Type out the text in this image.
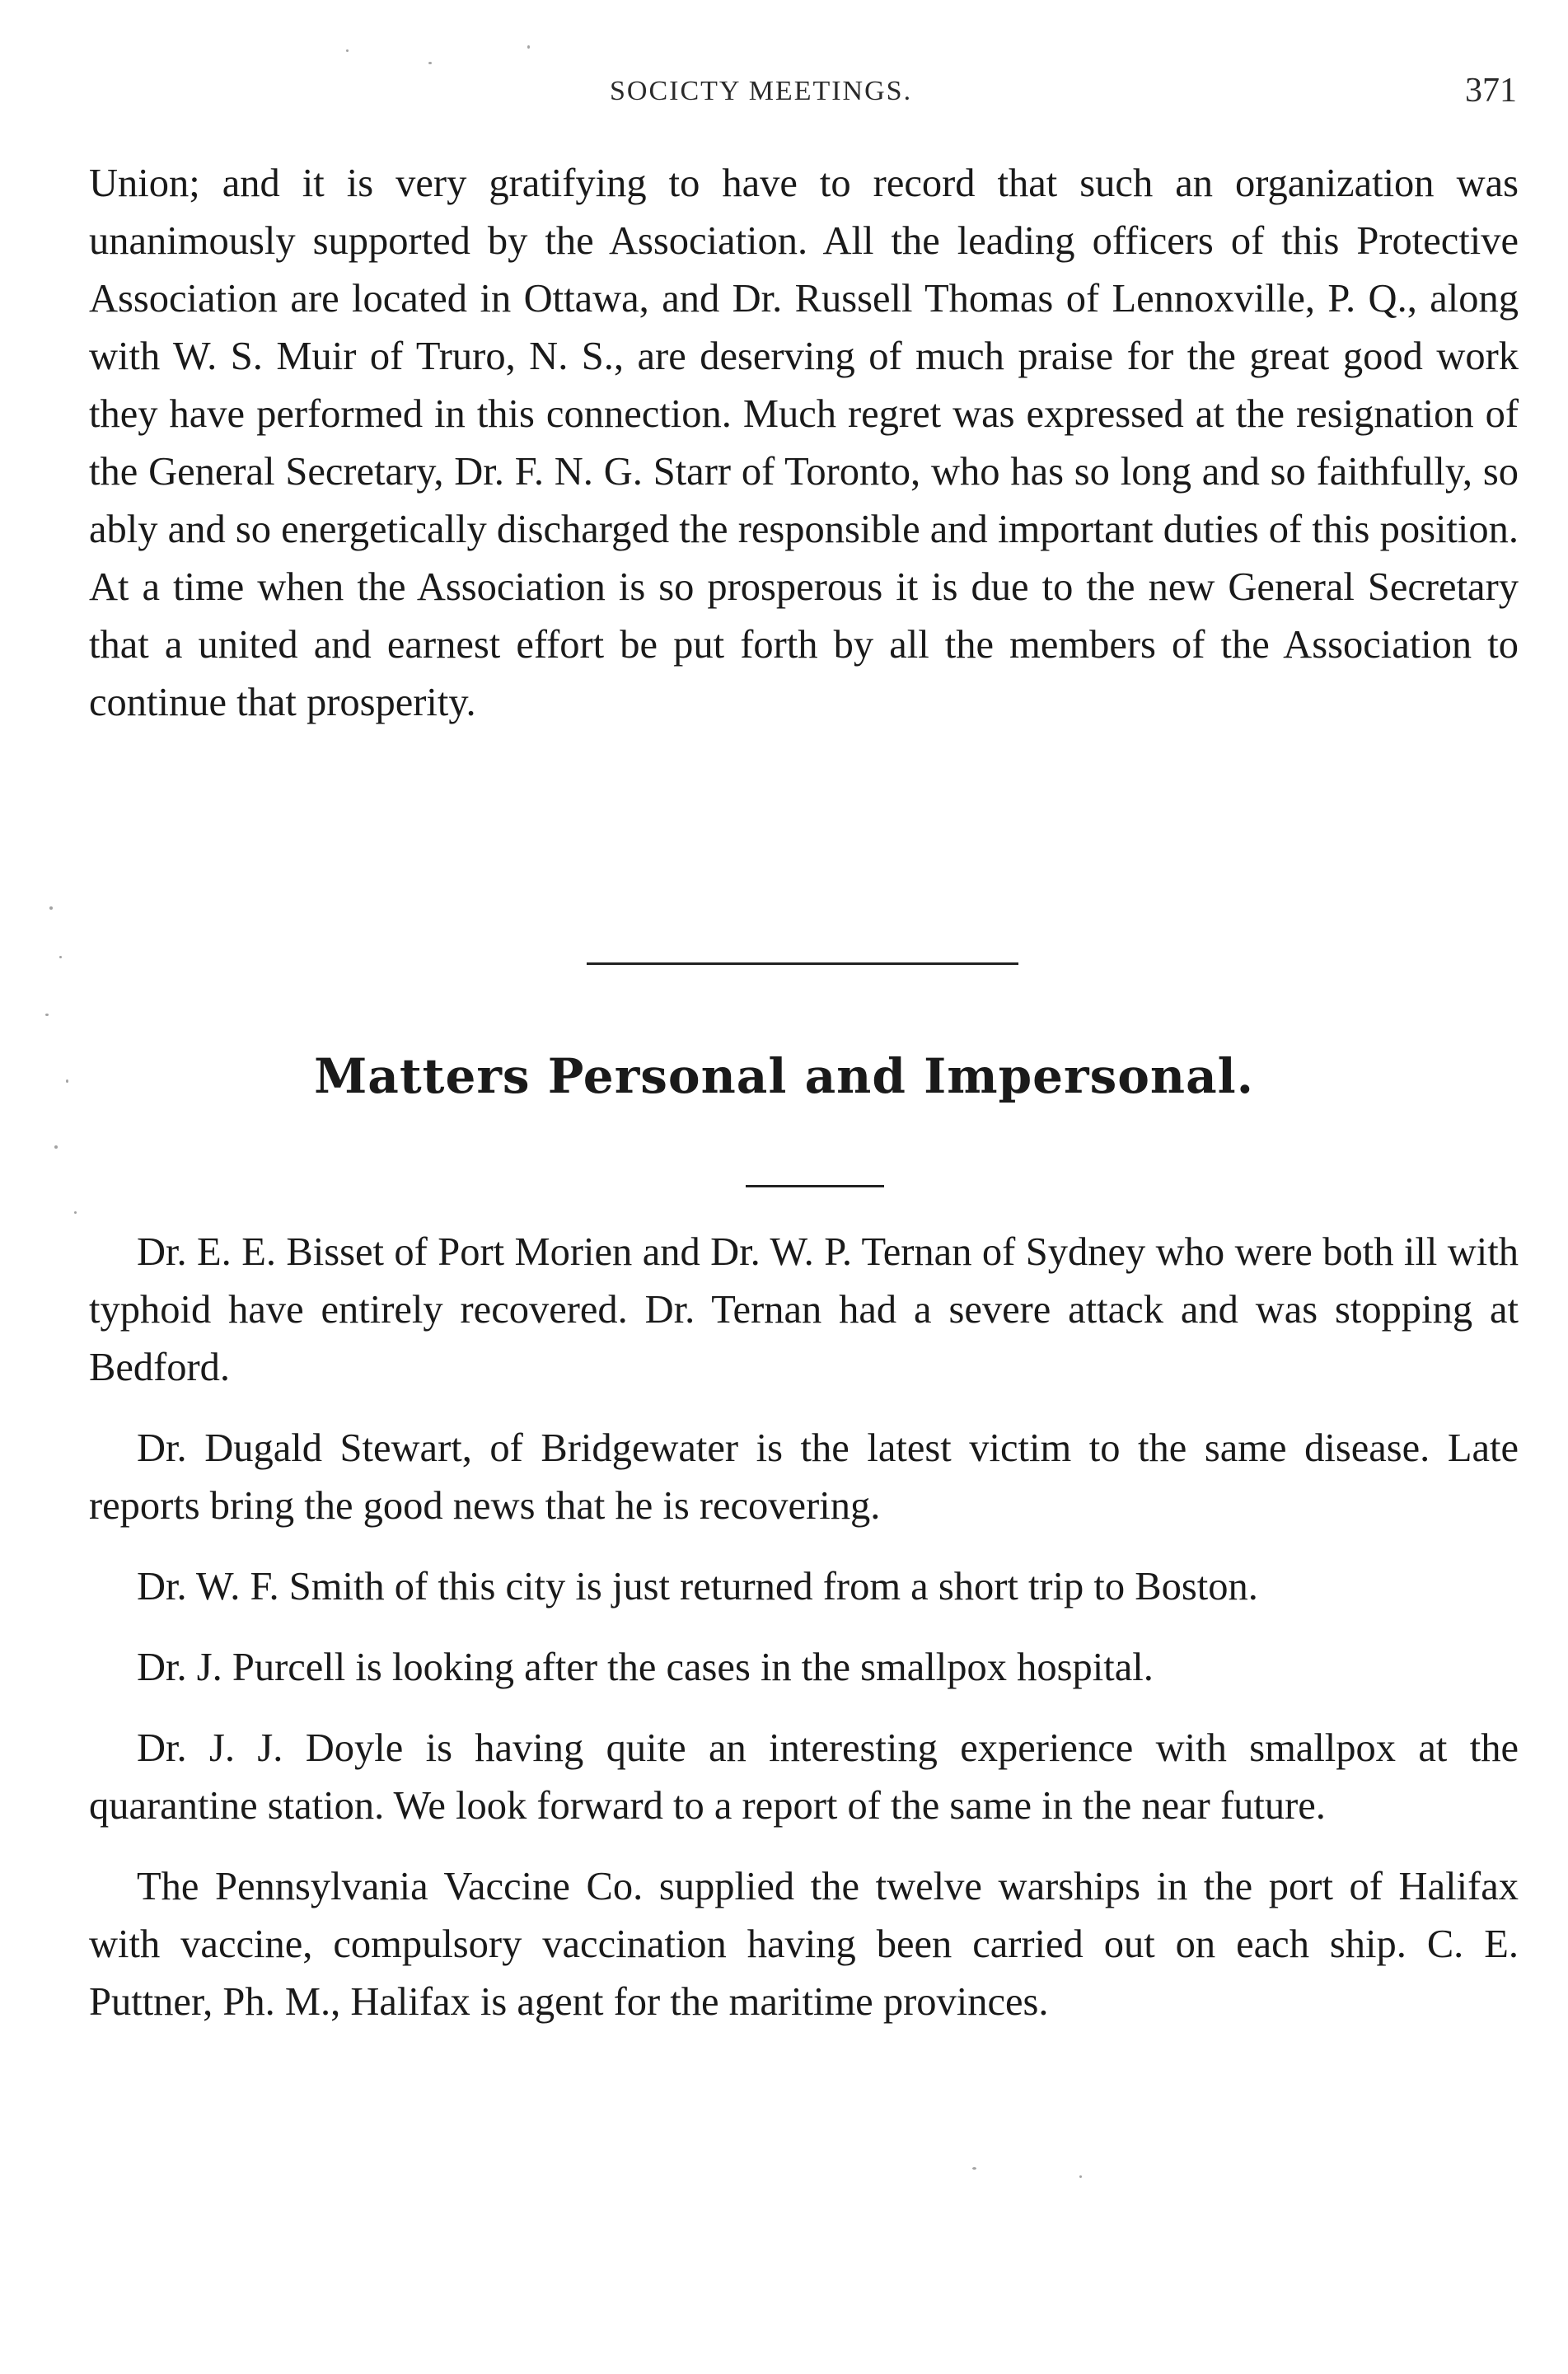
SOCICTY MEETINGS.	371
Union; and it is very gratifying to have to record that such an organization was unanimously supported by the Association. All the leading officers of this Protective Association are located in Ottawa, and Dr. Russell Thomas of Lennoxville, P. Q., along with W. S. Muir of Truro, N. S., are deserving of much praise for the great good work they have performed in this connection. Much regret was expressed at the resignation of the General Secretary, Dr. F. N. G. Starr of Toronto, who has so long and so faithfully, so ably and so energetically discharged the responsible and important duties of this position. At a time when the Association is so prosperous it is due to the new General Secretary that a united and earnest effort be put forth by all the members of the Association to continue that prosperity.
Matters Personal and Impersonal.

Dr. E. E. Bisset of Port Morien and Dr. W. P. Ternan of Sydney who were both ill with typhoid have entirely recovered. Dr. Ternan had a severe attack and was stopping at Bedford.

Dr. Dugald Stewart, of Bridgewater is the latest victim to the same disease. Late reports bring the good news that he is recovering.

Dr. W. F. Smith of this city is just returned from a short trip to Boston.

Dr. J. Purcell is looking after the cases in the smallpox hospital.

Dr. J. J. Doyle is having quite an interesting experience with smallpox at the quarantine station. We look forward to a report of the same in the near future.

The Pennsylvania Vaccine Co. supplied the twelve warships in the port of Halifax with vaccine, compulsory vaccination having been carried out on each ship. C. E. Puttner, Ph. M., Halifax is agent for the maritime provinces.
